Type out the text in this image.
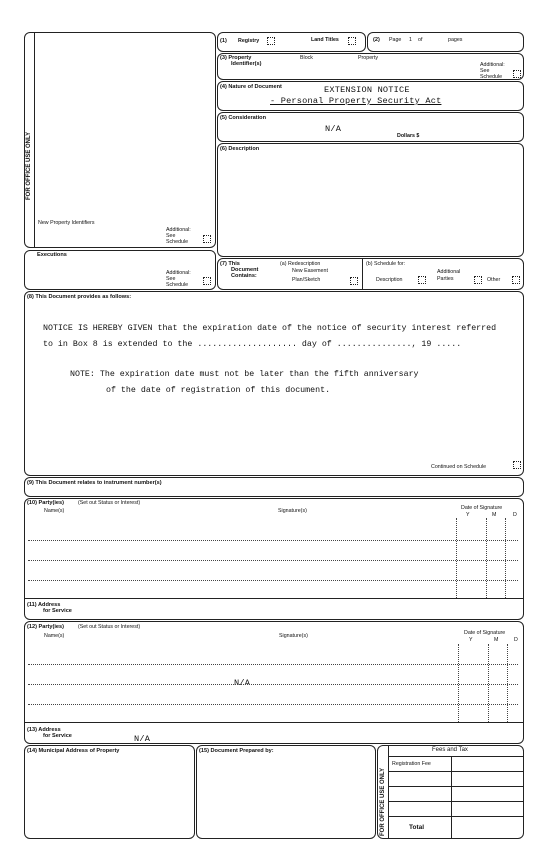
FOR OFFICE USE ONLY
New Property Identifiers
Additional:
See
Schedule
Executions
Additional:
See
Schedule
(1) Registry	Land Titles	(2) Page 1 of	pages
(3) Property
Identifier(s)
Block	Property
Additional:
See
Schedule
(4) Nature of Document	EXTENSION NOTICE
- Personal Property Security Act
(5) Consideration
N/A
Dollars $
(6) Description
(7) This
Document
Contains:
(a) Redescription
New Easement
Plan/Sketch
(b) Schedule for:
Description
Additional
Parties	Other
(8) This Document provides as follows:
NOTICE IS HEREBY GIVEN that the expiration date of the notice of security interest referred
to in Box 8 is extended to the .................... day of ..............., 19 .....
NOTE: The expiration date must not be later than the fifth anniversary
of the date of registration of this document.
Continued on Schedule
(9) This Document relates to instrument number(s)
(10) Party(ies)	(Set out Status or Interest)
Name(s)	Signature(s)	Date of Signature
Y	M	D
(11) Address
for Service
(12) Party(ies)	(Set out Status or Interest)
Name(s)	Signature(s)	Date of Signature
Y	M	D
N/A
(13) Address
for Service	N/A
(14) Municipal Address of Property	(15) Document Prepared by:
FOR OFFICE USE ONLY
Fees and Tax
Registration Fee
Total
